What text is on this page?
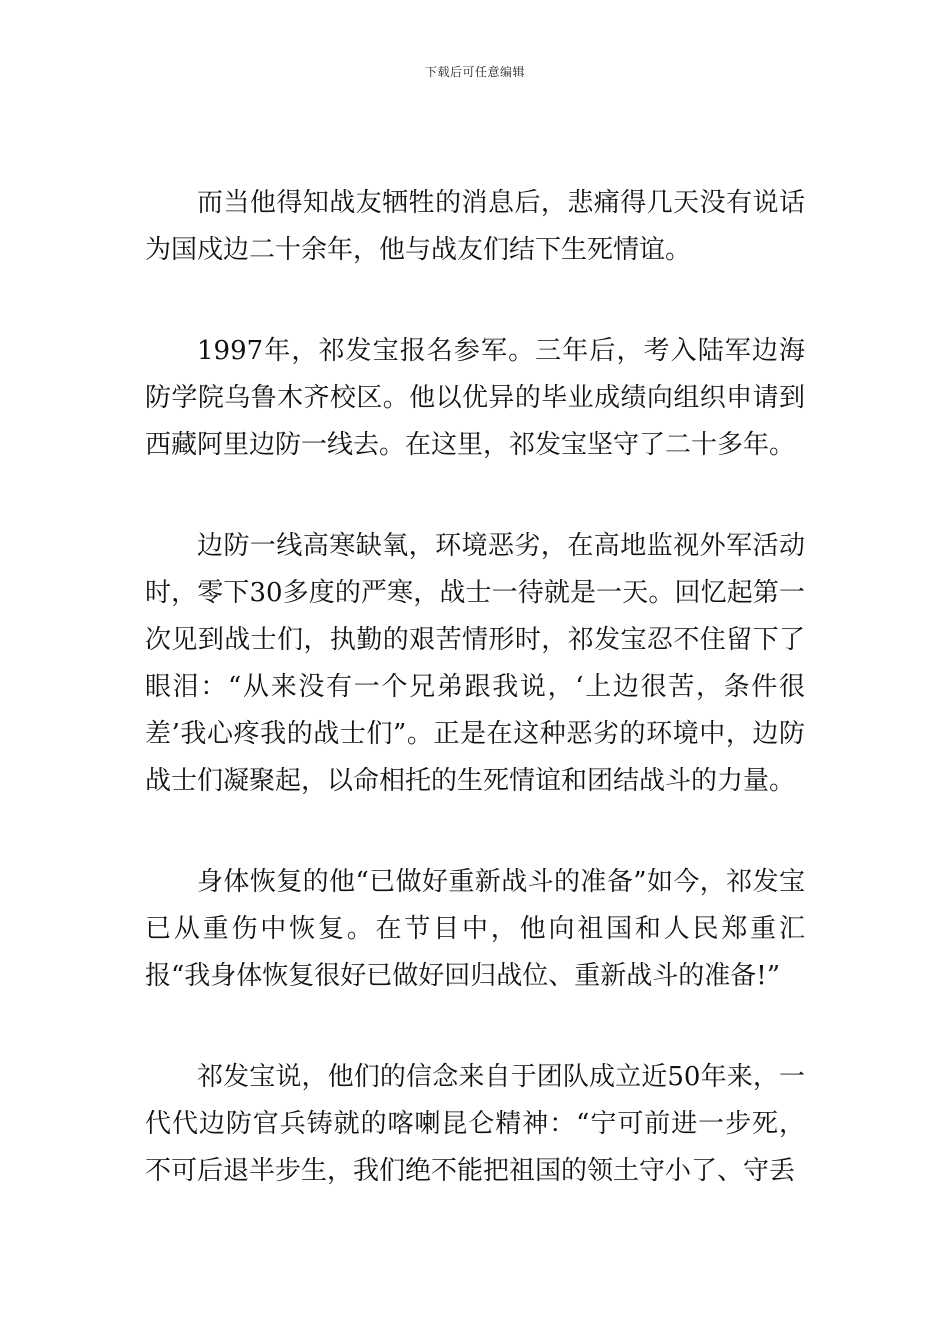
下载后可任意编辑

而当他得知战友牺牲的消息后，悲痛得几天没有说话为国戍边二十余年，他与战友们结下生死情谊。

1997年，祁发宝报名参军。三年后，考入陆军边海防学院乌鲁木齐校区。他以优异的毕业成绩向组织申请到西藏阿里边防一线去。在这里，祁发宝坚守了二十多年。

边防一线高寒缺氧，环境恶劣，在高地监视外军活动时，零下30多度的严寒，战士一待就是一天。回忆起第一次见到战士们，执勤的艰苦情形时，祁发宝忍不住留下了眼泪：“从来没有一个兄弟跟我说，‘上边很苦，条件很差’我心疼我的战士们”。正是在这种恶劣的环境中，边防战士们凝聚起，以命相托的生死情谊和团结战斗的力量。

身体恢复的他“已做好重新战斗的准备”如今，祁发宝已从重伤中恢复。在节目中，他向祖国和人民郑重汇报“我身体恢复很好已做好回归战位、重新战斗的准备!”

祁发宝说，他们的信念来自于团队成立近50年来，一代代边防官兵铸就的喀喇昆仑精神：“宁可前进一步死，不可后退半步生，我们绝不能把祖国的领土守小了、守丢
